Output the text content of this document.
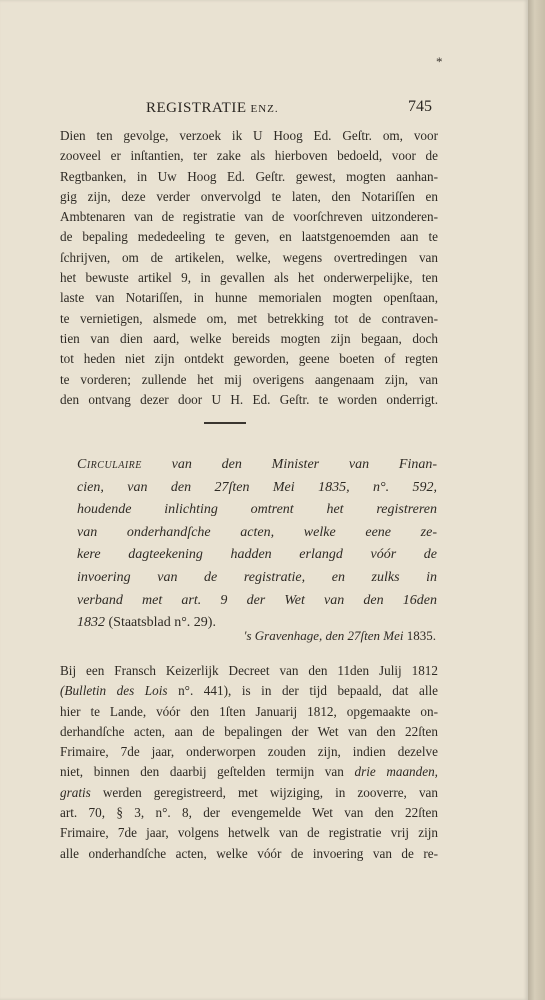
*
REGISTRATIE ENZ.	745
Dien ten gevolge, verzoek ik U Hoog Ed. Geſtr. om, voor
zooveel er inſtantien, ter zake als hierboven bedoeld, voor de
Regtbanken, in Uw Hoog Ed. Geſtr. gewest, mogten aanhan-
gig zijn, deze verder onvervolgd te laten, den Notariſſen en
Ambtenaren van de registratie van de voorſchreven uitzonderen-
de bepaling mededeeling te geven, en laatstgenoemden aan te
ſchrijven, om de artikelen, welke, wegens overtredingen van
het bewuste artikel 9, in gevallen als het onderwerpelijke, ten
laste van Notariſſen, in hunne memorialen mogten openſtaan,
te vernietigen, alsmede om, met betrekking tot de contraven-
tien van dien aard, welke bereids mogten zijn begaan, doch
tot heden niet zijn ontdekt geworden, geene boeten of regten
te vorderen; zullende het mij overigens aangenaam zijn, van
den ontvang dezer door U H. Ed. Geſtr. te worden onderrigt.
Circulaire van den Minister van Finan-
cien, van den 27ſten Mei 1835, n°. 592,
houdende inlichting omtrent het registreren
van onderhandſche acten, welke eene ze-
kere dagteekening hadden erlangd vóór de
invoering van de registratie, en zulks in
verband met art. 9 der Wet van den 16den
1832 (Staatsblad n°. 29).
's Gravenhage, den 27ſten Mei 1835.
Bij een Fransch Keizerlijk Decreet van den 11den Julij 1812
(Bulletin des Lois n°. 441), is in der tijd bepaald, dat alle
hier te Lande, vóór den 1ſten Januarij 1812, opgemaakte on-
derhandſche acten, aan de bepalingen der Wet van den 22ſten
Frimaire, 7de jaar, onderworpen zouden zijn, indien dezelve
niet, binnen den daarbij geſtelden termijn van drie maanden,
gratis werden geregistreerd, met wijziging, in zooverre, van
art. 70, § 3, n°. 8, der evengemelde Wet van den 22ſten
Frimaire, 7de jaar, volgens hetwelk van de registratie vrij zijn
alle onderhandſche acten, welke vóór de invoering van de re-
